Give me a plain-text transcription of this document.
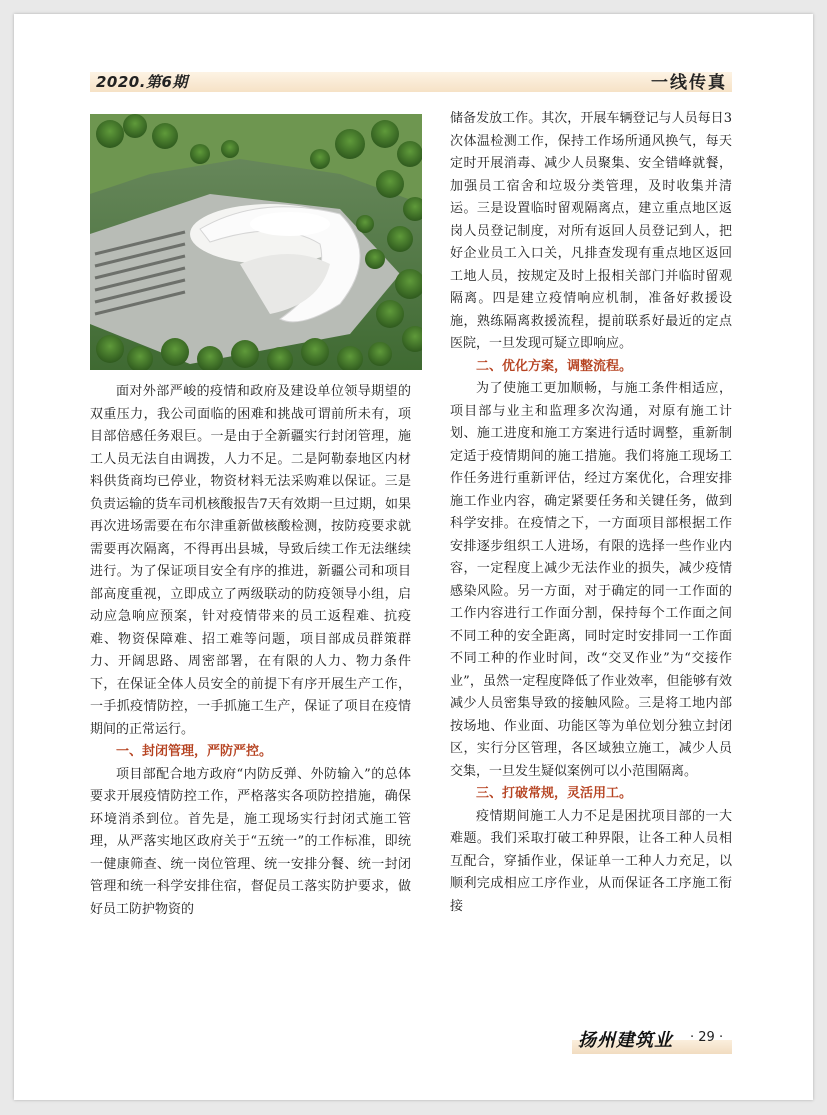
2020.第6期	一线传真

面对外部严峻的疫情和政府及建设单位领导期望的双重压力，我公司面临的困难和挑战可谓前所未有，项目部倍感任务艰巨。一是由于全新疆实行封闭管理，施工人员无法自由调拨，人力不足。二是阿勒泰地区内材料供货商均已停业，物资材料无法采购难以保证。三是负责运输的货车司机核酸报告7天有效期一旦过期，如果再次进场需要在布尔津重新做核酸检测，按防疫要求就需要再次隔离，不得再出县城，导致后续工作无法继续进行。为了保证项目安全有序的推进，新疆公司和项目部高度重视，立即成立了两级联动的防疫领导小组，启动应急响应预案，针对疫情带来的员工返程难、抗疫难、物资保障难、招工难等问题，项目部成员群策群力、开阔思路、周密部署，在有限的人力、物力条件下，在保证全体人员安全的前提下有序开展生产工作，一手抓疫情防控，一手抓施工生产，保证了项目在疫情期间的正常运行。

一、封闭管理，严防严控。

项目部配合地方政府“内防反弹、外防输入”的总体要求开展疫情防控工作，严格落实各项防控措施，确保环境消杀到位。首先是，施工现场实行封闭式施工管理，从严落实地区政府关于“五统一”的工作标准，即统一健康筛查、统一岗位管理、统一安排分餐、统一封闭管理和统一科学安排住宿，督促员工落实防护要求，做好员工防护物资的

储备发放工作。其次，开展车辆登记与人员每日3次体温检测工作，保持工作场所通风换气，每天定时开展消毒、减少人员聚集、安全错峰就餐，加强员工宿舍和垃圾分类管理，及时收集并清运。三是设置临时留观隔离点，建立重点地区返岗人员登记制度，对所有返回人员登记到人，把好企业员工入口关，凡排查发现有重点地区返回工地人员，按规定及时上报相关部门并临时留观隔离。四是建立疫情响应机制，准备好救援设施，熟练隔离救援流程，提前联系好最近的定点医院，一旦发现可疑立即响应。

二、优化方案，调整流程。

为了使施工更加顺畅，与施工条件相适应，项目部与业主和监理多次沟通，对原有施工计划、施工进度和施工方案进行适时调整，重新制定适于疫情期间的施工措施。我们将施工现场工作任务进行重新评估，经过方案优化，合理安排施工作业内容，确定紧要任务和关键任务，做到科学安排。在疫情之下，一方面项目部根据工作安排逐步组织工人进场，有限的选择一些作业内容，一定程度上减少无法作业的损失，减少疫情感染风险。另一方面，对于确定的同一工作面的工作内容进行工作面分割，保持每个工作面之间不同工种的安全距离，同时定时安排同一工作面不同工种的作业时间，改“交叉作业”为“交接作业”，虽然一定程度降低了作业效率，但能够有效减少人员密集导致的接触风险。三是将工地内部按场地、作业面、功能区等为单位划分独立封闭区，实行分区管理，各区域独立施工，减少人员交集，一旦发生疑似案例可以小范围隔离。

三、打破常规，灵活用工。

疫情期间施工人力不足是困扰项目部的一大难题。我们采取打破工种界限，让各工种人员相互配合，穿插作业，保证单一工种人力充足，以顺利完成相应工序作业，从而保证各工序施工衔接

扬州建筑业 · 29 ·
